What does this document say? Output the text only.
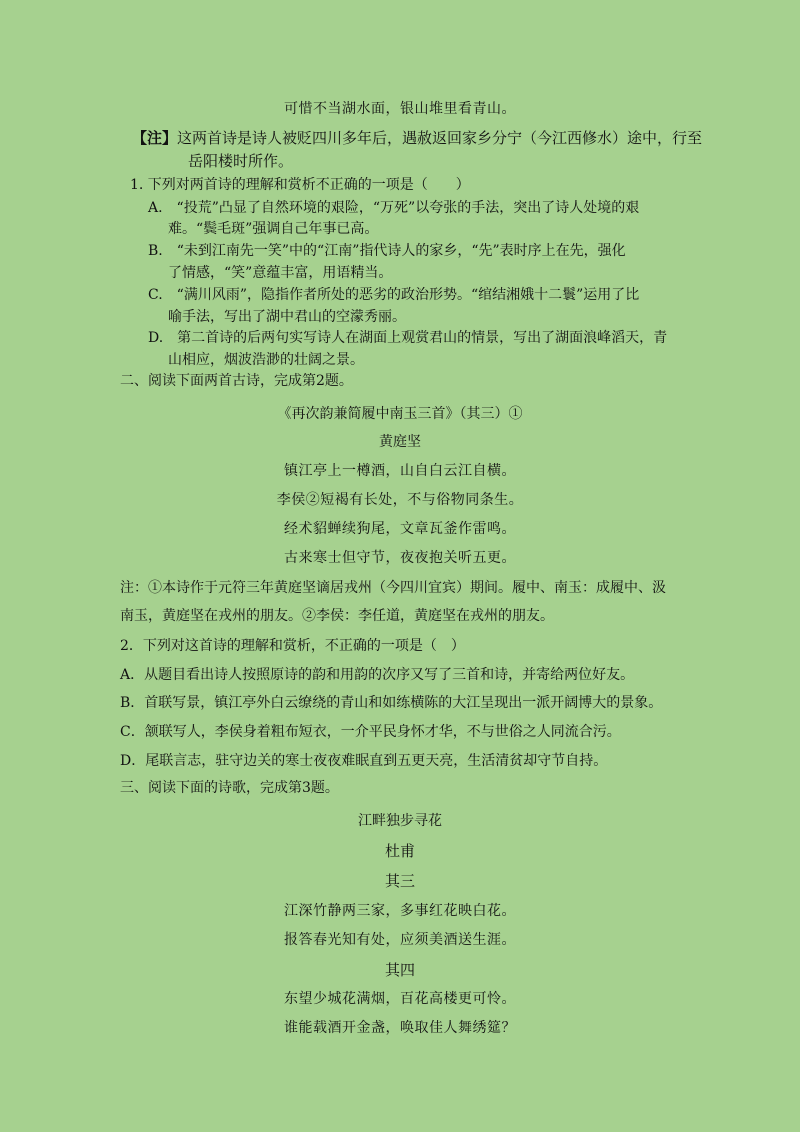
可惜不当湖水面，银山堆里看青山。
【注】这两首诗是诗人被贬四川多年后，遇赦返回家乡分宁（今江西修水）途中，行至
岳阳楼时所作。
1. 下列对两首诗的理解和赏析不正确的一项是（　　）
A.　“投荒”凸显了自然环境的艰险，“万死”以夸张的手法，突出了诗人处境的艰
难。“鬓毛斑”强调自己年事已高。
B.　“未到江南先一笑”中的“江南”指代诗人的家乡，“先”表时序上在先，强化
了情感，“笑”意蕴丰富，用语精当。
C.　“满川风雨”，隐指作者所处的恶劣的政治形势。“绾结湘娥十二鬟”运用了比
喻手法，写出了湖中君山的空濛秀丽。
D.　第二首诗的后两句实写诗人在湖面上观赏君山的情景，写出了湖面浪峰滔天，青
山相应，烟波浩渺的壮阔之景。
二、阅读下面两首古诗，完成第2题。
《再次韵兼简履中南玉三首》（其三）①
黄庭坚
镇江亭上一樽酒，山自白云江自横。
李侯②短褐有长处，不与俗物同条生。
经术貂蝉续狗尾，文章瓦釜作雷鸣。
古来寒士但守节，夜夜抱关听五更。
注：①本诗作于元符三年黄庭坚谪居戎州（今四川宜宾）期间。履中、南玉：成履中、汲
南玉，黄庭坚在戎州的朋友。②李侯：李任道，黄庭坚在戎州的朋友。
2．下列对这首诗的理解和赏析，不正确的一项是（　）
A．从题目看出诗人按照原诗的韵和用韵的次序又写了三首和诗，并寄给两位好友。
B．首联写景，镇江亭外白云缭绕的青山和如练横陈的大江呈现出一派开阔博大的景象。
C．颔联写人，李侯身着粗布短衣，一介平民身怀才华，不与世俗之人同流合污。
D．尾联言志，驻守边关的寒士夜夜难眠直到五更天亮，生活清贫却守节自持。
三、阅读下面的诗歌，完成第3题。
江畔独步寻花
杜甫
其三
江深竹静两三家，多事红花映白花。
报答春光知有处，应须美酒送生涯。
其四
东望少城花满烟，百花高楼更可怜。
谁能载酒开金盏，唤取佳人舞绣筵？
